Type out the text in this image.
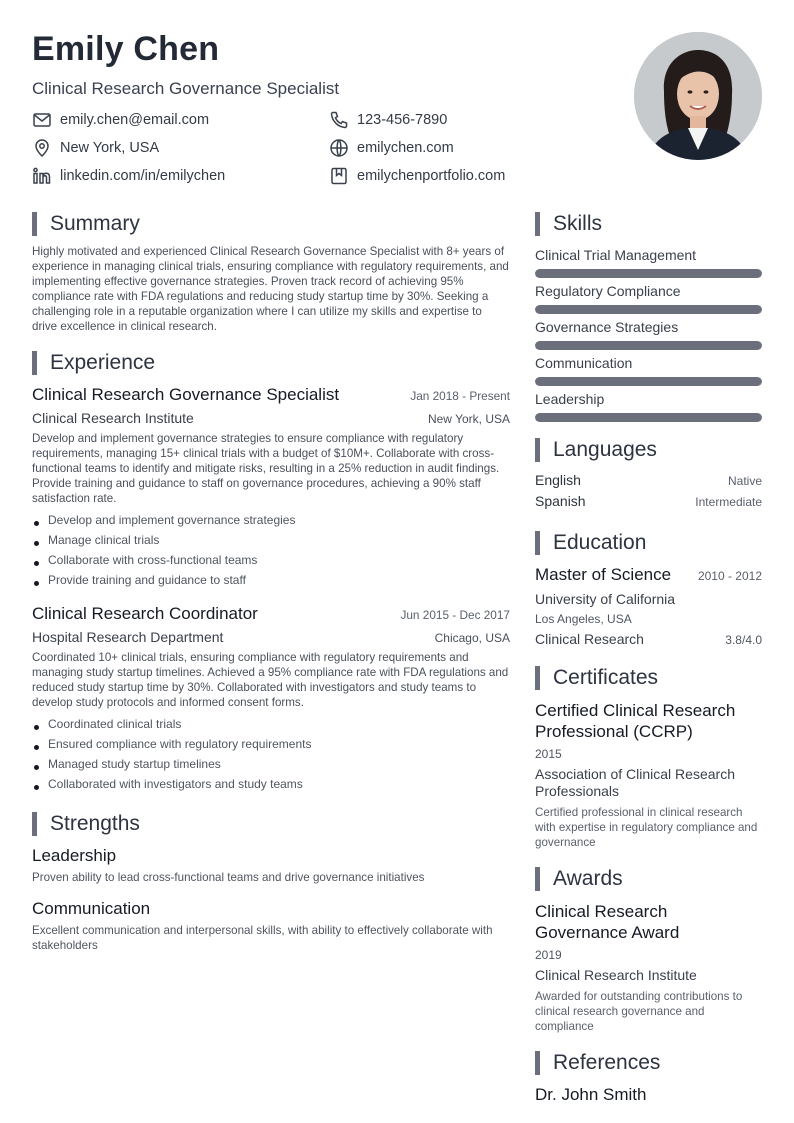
Emily Chen
Clinical Research Governance Specialist
emily.chen@email.com	123-456-7890
New York, USA	emilychen.com
linkedin.com/in/emilychen	emilychenportfolio.com
Summary

Highly motivated and experienced Clinical Research Governance Specialist with 8+ years of experience in managing clinical trials, ensuring compliance with regulatory requirements, and implementing effective governance strategies. Proven track record of achieving 95% compliance rate with FDA regulations and reducing study startup time by 30%. Seeking a challenging role in a reputable organization where I can utilize my skills and expertise to drive excellence in clinical research.

Experience
Clinical Research Governance Specialist	Jan 2018 - Present
Clinical Research Institute	New York, USA

Develop and implement governance strategies to ensure compliance with regulatory requirements, managing 15+ clinical trials with a budget of $10M+. Collaborate with cross-functional teams to identify and mitigate risks, resulting in a 25% reduction in audit findings. Provide training and guidance to staff on governance procedures, achieving a 90% staff satisfaction rate.

Develop and implement governance strategies
Manage clinical trials
Collaborate with cross-functional teams
Provide training and guidance to staff
Clinical Research Coordinator	Jun 2015 - Dec 2017
Hospital Research Department	Chicago, USA

Coordinated 10+ clinical trials, ensuring compliance with regulatory requirements and managing study startup timelines. Achieved a 95% compliance rate with FDA regulations and reduced study startup time by 30%. Collaborated with investigators and study teams to develop study protocols and informed consent forms.

Coordinated clinical trials
Ensured compliance with regulatory requirements
Managed study startup timelines
Collaborated with investigators and study teams
Strengths
Leadership
Proven ability to lead cross-functional teams and drive governance initiatives
Communication
Excellent communication and interpersonal skills, with ability to effectively collaborate with stakeholders
Skills
Clinical Trial Management
Regulatory Compliance
Governance Strategies
Communication
Leadership
Languages
English	Native
Spanish	Intermediate
Education
Master of Science 2010 - 2012
University of California
Los Angeles, USA
Clinical Research	3.8/4.0
Certificates
Certified Clinical Research Professional (CCRP)
2015
Association of Clinical Research Professionals
Certified professional in clinical research with expertise in regulatory compliance and governance
Awards
Clinical Research Governance Award
2019
Clinical Research Institute
Awarded for outstanding contributions to clinical research governance and compliance
References
Dr. John Smith
